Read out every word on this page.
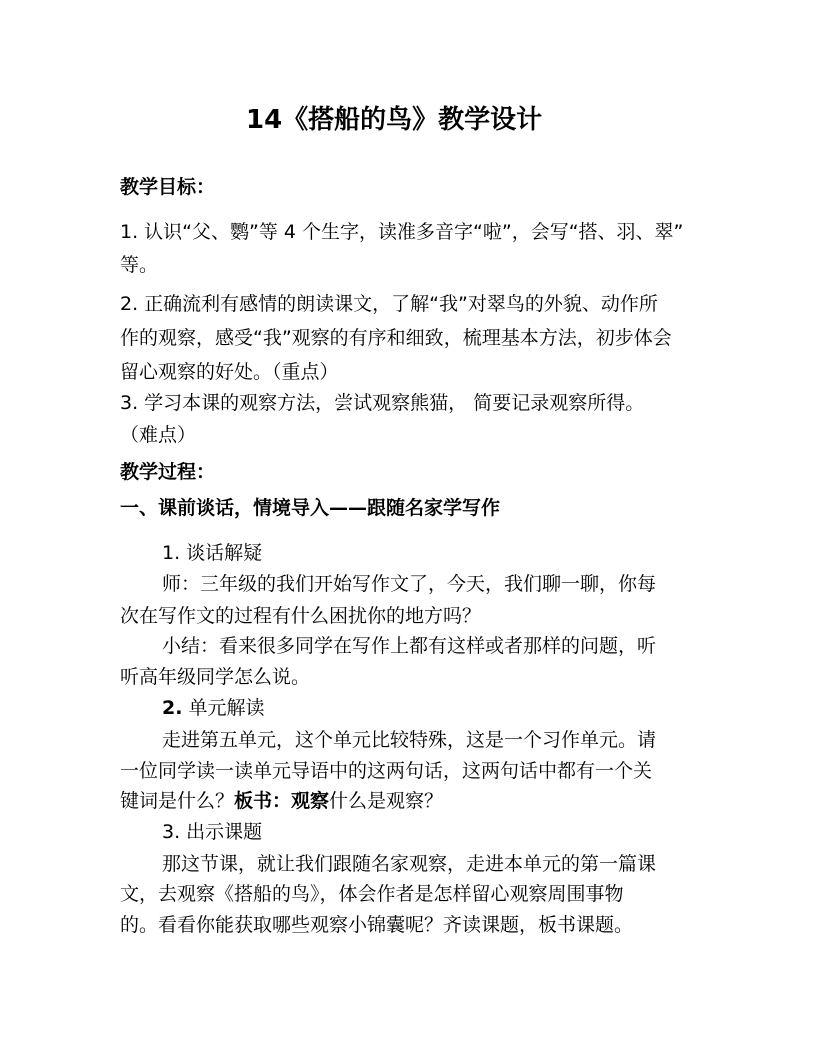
14《搭船的鸟》教学设计
教学目标：
1. 认识“父、鹦”等 4 个生字，读准多音字“啦”，会写“搭、羽、翠”
等。
2. 正确流利有感情的朗读课文，了解“我”对翠鸟的外貌、动作所
作的观察，感受“我”观察的有序和细致，梳理基本方法，初步体会
留心观察的好处。（重点）
3. 学习本课的观察方法，尝试观察熊猫， 简要记录观察所得。
（难点）
教学过程：
一、课前谈话，情境导入——跟随名家学写作
1. 谈话解疑
师：三年级的我们开始写作文了，今天，我们聊一聊，你每
次在写作文的过程有什么困扰你的地方吗？
小结：看来很多同学在写作上都有这样或者那样的问题，听
听高年级同学怎么说。
2. 单元解读
走进第五单元，这个单元比较特殊，这是一个习作单元。请
一位同学读一读单元导语中的这两句话，这两句话中都有一个关
键词是什么？板书：观察什么是观察？
3. 出示课题
那这节课，就让我们跟随名家观察，走进本单元的第一篇课
文，去观察《搭船的鸟》，体会作者是怎样留心观察周围事物
的。看看你能获取哪些观察小锦囊呢？齐读课题，板书课题。
